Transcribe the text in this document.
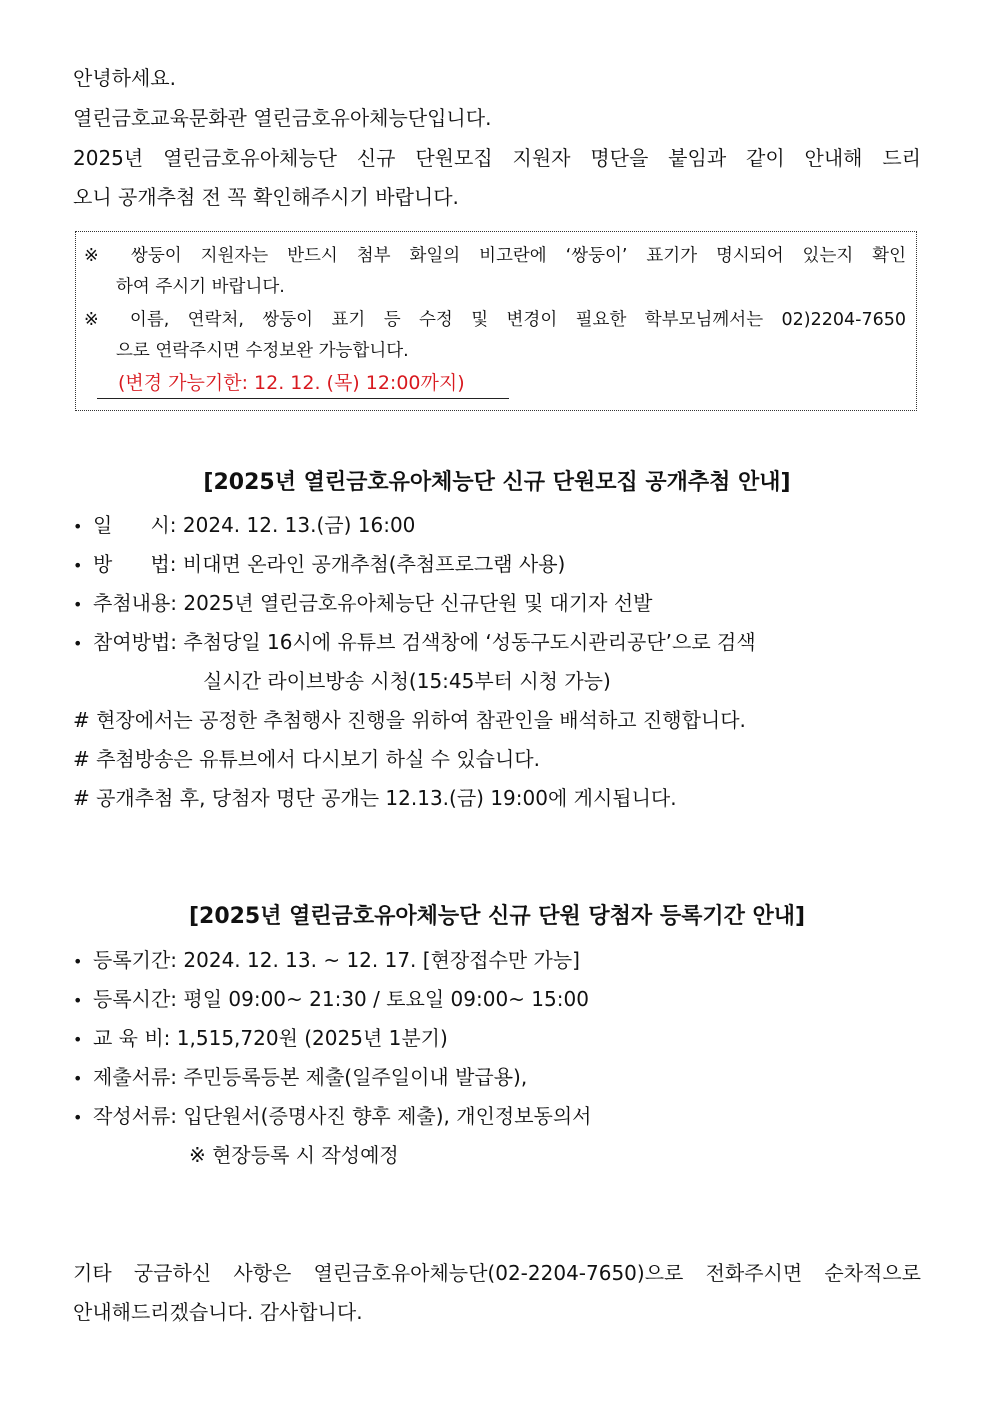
안녕하세요.
열린금호교육문화관 열린금호유아체능단입니다.
2025년 열린금호유아체능단 신규 단원모집 지원자 명단을 붙임과 같이 안내해 드리
오니 공개추첨 전 꼭 확인해주시기 바랍니다.
※ 쌍둥이 지원자는 반드시 첨부 화일의 비고란에 ‘쌍둥이’ 표기가 명시되어 있는지 확인
하여 주시기 바랍니다.
※ 이름, 연락처, 쌍둥이 표기 등 수정 및 변경이 필요한 학부모님께서는 02)2204-7650
으로 연락주시면 수정보완 가능합니다.
(변경 가능기한: 12. 12. (목) 12:00까지)
[2025년 열린금호유아체능단 신규 단원모집 공개추첨 안내]
• 일      시: 2024. 12. 13.(금) 16:00
• 방      법: 비대면 온라인 공개추첨(추첨프로그램 사용)
• 추첨내용: 2025년 열린금호유아체능단 신규단원 및 대기자 선발
• 참여방법: 추첨당일 16시에 유튜브 검색창에 ‘성동구도시관리공단’으로 검색
실시간 라이브방송 시청(15:45부터 시청 가능)
# 현장에서는 공정한 추첨행사 진행을 위하여 참관인을 배석하고 진행합니다.
# 추첨방송은 유튜브에서 다시보기 하실 수 있습니다.
# 공개추첨 후, 당첨자 명단 공개는 12.13.(금) 19:00에 게시됩니다.
[2025년 열린금호유아체능단 신규 단원 당첨자 등록기간 안내]
• 등록기간: 2024. 12. 13. ~ 12. 17. [현장접수만 가능]
• 등록시간: 평일 09:00~ 21:30 / 토요일 09:00~ 15:00
• 교 육 비: 1,515,720원 (2025년 1분기)
• 제출서류: 주민등록등본 제출(일주일이내 발급용),
• 작성서류: 입단원서(증명사진 향후 제출), 개인정보동의서
※ 현장등록 시 작성예정
기타 궁금하신 사항은 열린금호유아체능단(02-2204-7650)으로 전화주시면 순차적으로
안내해드리겠습니다. 감사합니다.
